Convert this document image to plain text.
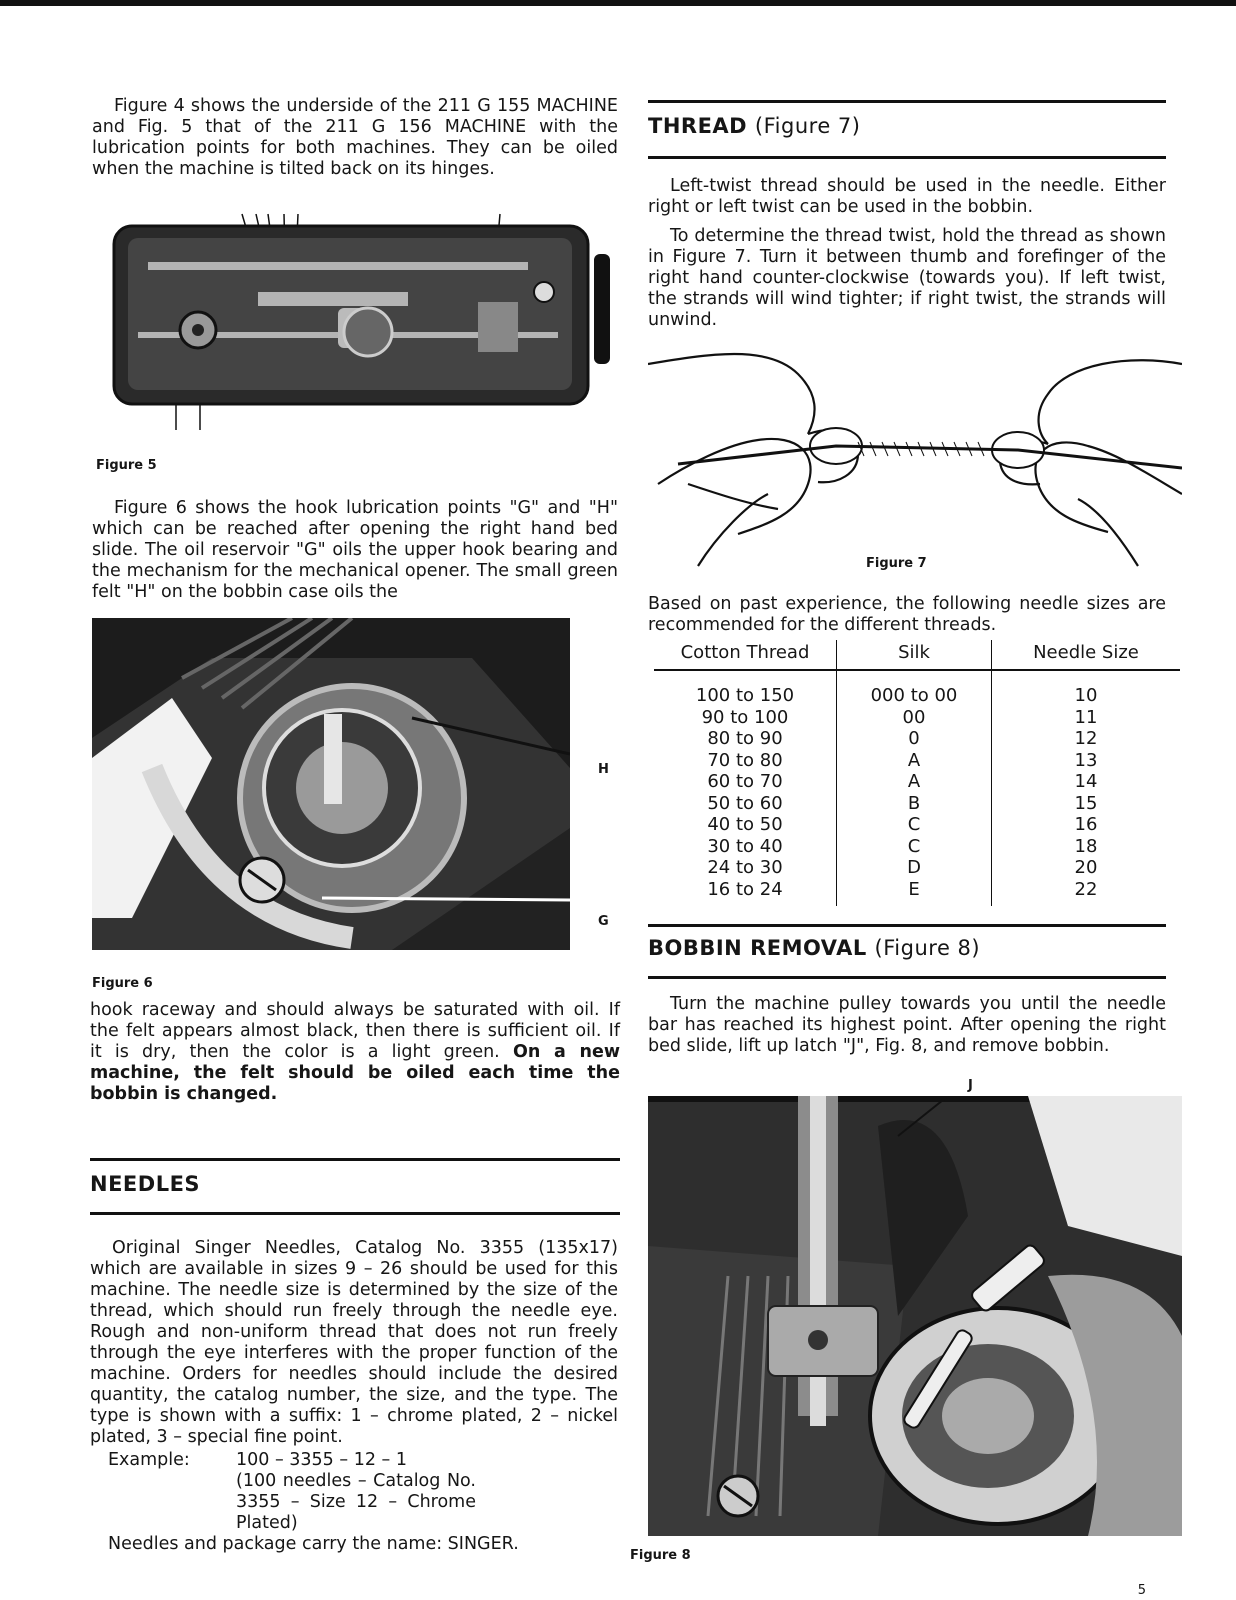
Figure 4 shows the underside of the 211 G 155 MACHINE and Fig. 5 that of the 211 G 156 MACHINE with the lubrication points for both machines. They can be oiled when the machine is tilted back on its hinges.

Figure 5

Figure 6 shows the hook lubrication points "G" and "H" which can be reached after opening the right hand bed slide. The oil reservoir "G" oils the upper hook bearing and the mechanism for the mechanical opener. The small green felt "H" on the bobbin case oils the

H
G
Figure 6

hook raceway and should always be saturated with oil. If the felt appears almost black, then there is sufficient oil. If it is dry, then the color is a light green. On a new machine, the felt should be oiled each time the bobbin is changed.

NEEDLES

Original Singer Needles, Catalog No. 3355 (135x17) which are available in sizes 9 – 26 should be used for this machine. The needle size is determined by the size of the thread, which should run freely through the needle eye. Rough and non-uniform thread that does not run freely through the eye interferes with the proper function of the machine. Orders for needles should include the desired quantity, the catalog number, the size, and the type. The type is shown with a suffix: 1 – chrome plated, 2 – nickel plated, 3 – special fine point.

Example:	100 – 3355 – 12 – 1
(100 needles – Catalog No. 3355 – Size 12 – Chrome Plated)
Needles and package carry the name: SINGER.
THREAD (Figure 7)

Left-twist thread should be used in the needle. Either right or left twist can be used in the bobbin.

To determine the thread twist, hold the thread as shown in Figure 7. Turn it between thumb and forefinger of the right hand counter-clockwise (towards you). If left twist, the strands will wind tighter; if right twist, the strands will unwind.

Figure 7

Based on past experience, the following needle sizes are recommended for the different threads.

Cotton Thread	Silk	Needle Size
100 to 150	000 to 00	10
90 to 100	00	11
80 to 90	0	12
70 to 80	A	13
60 to 70	A	14
50 to 60	B	15
40 to 50	C	16
30 to 40	C	18
24 to 30	D	20
16 to 24	E	22
BOBBIN REMOVAL (Figure 8)

Turn the machine pulley towards you until the needle bar has reached its highest point. After opening the right bed slide, lift up latch "J", Fig. 8, and remove bobbin.

J
Figure 8
5
